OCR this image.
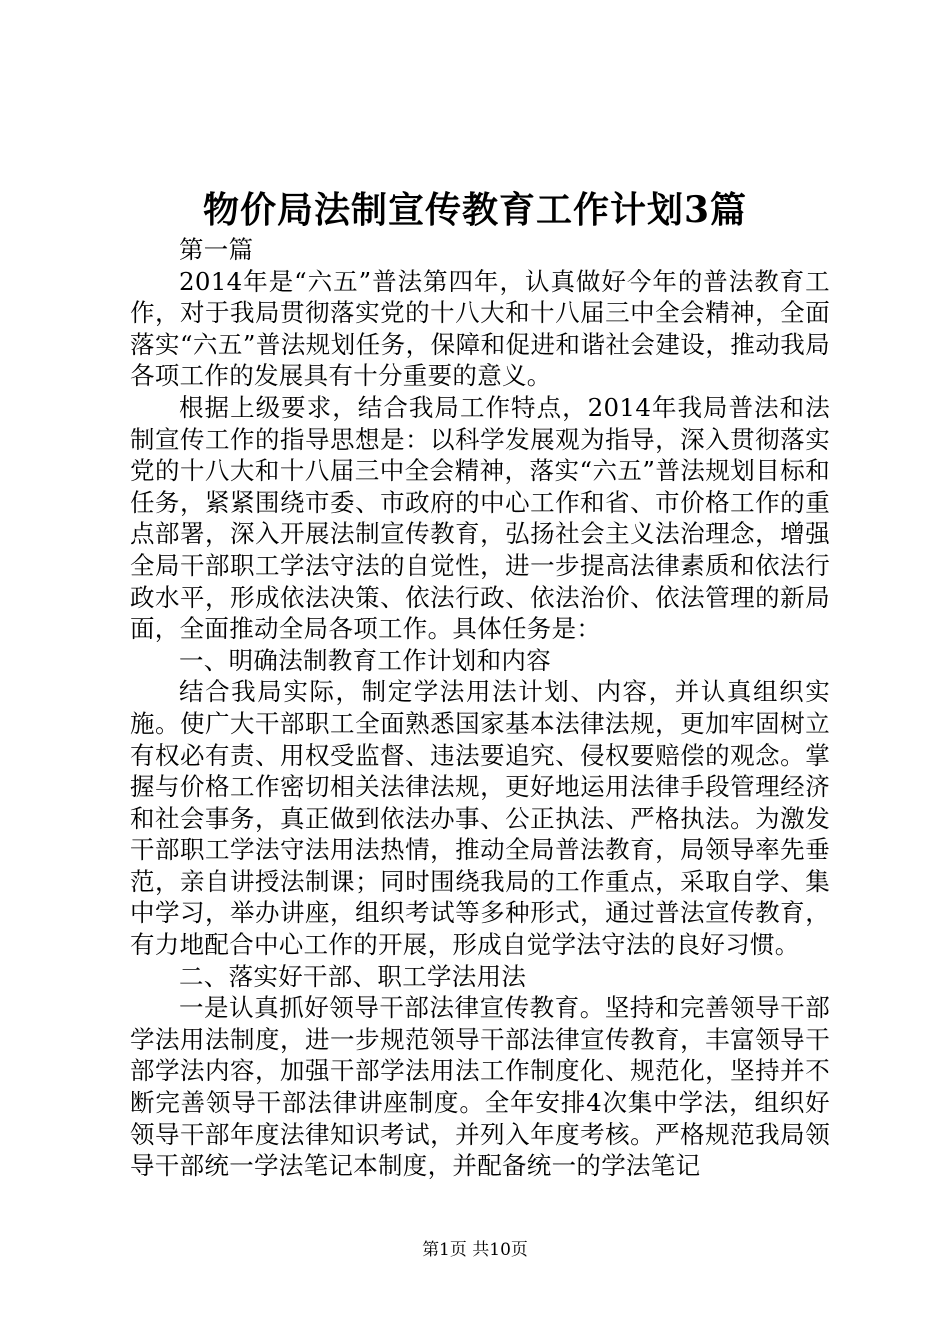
物价局法制宣传教育工作计划3篇

第一篇

2014年是“六五”普法第四年，认真做好今年的普法教育工作，对于我局贯彻落实党的十八大和十八届三中全会精神，全面落实“六五”普法规划任务，保障和促进和谐社会建设，推动我局各项工作的发展具有十分重要的意义。

根据上级要求，结合我局工作特点，2014年我局普法和法制宣传工作的指导思想是：以科学发展观为指导，深入贯彻落实党的十八大和十八届三中全会精神，落实“六五”普法规划目标和任务，紧紧围绕市委、市政府的中心工作和省、市价格工作的重点部署，深入开展法制宣传教育，弘扬社会主义法治理念，增强全局干部职工学法守法的自觉性，进一步提高法律素质和依法行政水平，形成依法决策、依法行政、依法治价、依法管理的新局面，全面推动全局各项工作。具体任务是：

一、明确法制教育工作计划和内容

结合我局实际，制定学法用法计划、内容，并认真组织实施。使广大干部职工全面熟悉国家基本法律法规，更加牢固树立有权必有责、用权受监督、违法要追究、侵权要赔偿的观念。掌握与价格工作密切相关法律法规，更好地运用法律手段管理经济和社会事务，真正做到依法办事、公正执法、严格执法。为激发干部职工学法守法用法热情，推动全局普法教育，局领导率先垂范，亲自讲授法制课；同时围绕我局的工作重点，采取自学、集中学习，举办讲座，组织考试等多种形式，通过普法宣传教育，有力地配合中心工作的开展，形成自觉学法守法的良好习惯。

二、落实好干部、职工学法用法

一是认真抓好领导干部法律宣传教育。坚持和完善领导干部学法用法制度，进一步规范领导干部法律宣传教育，丰富领导干部学法内容，加强干部学法用法工作制度化、规范化，坚持并不断完善领导干部法律讲座制度。全年安排4次集中学法，组织好领导干部年度法律知识考试，并列入年度考核。严格规范我局领导干部统一学法笔记本制度，并配备统一的学法笔记

第1页 共10页
